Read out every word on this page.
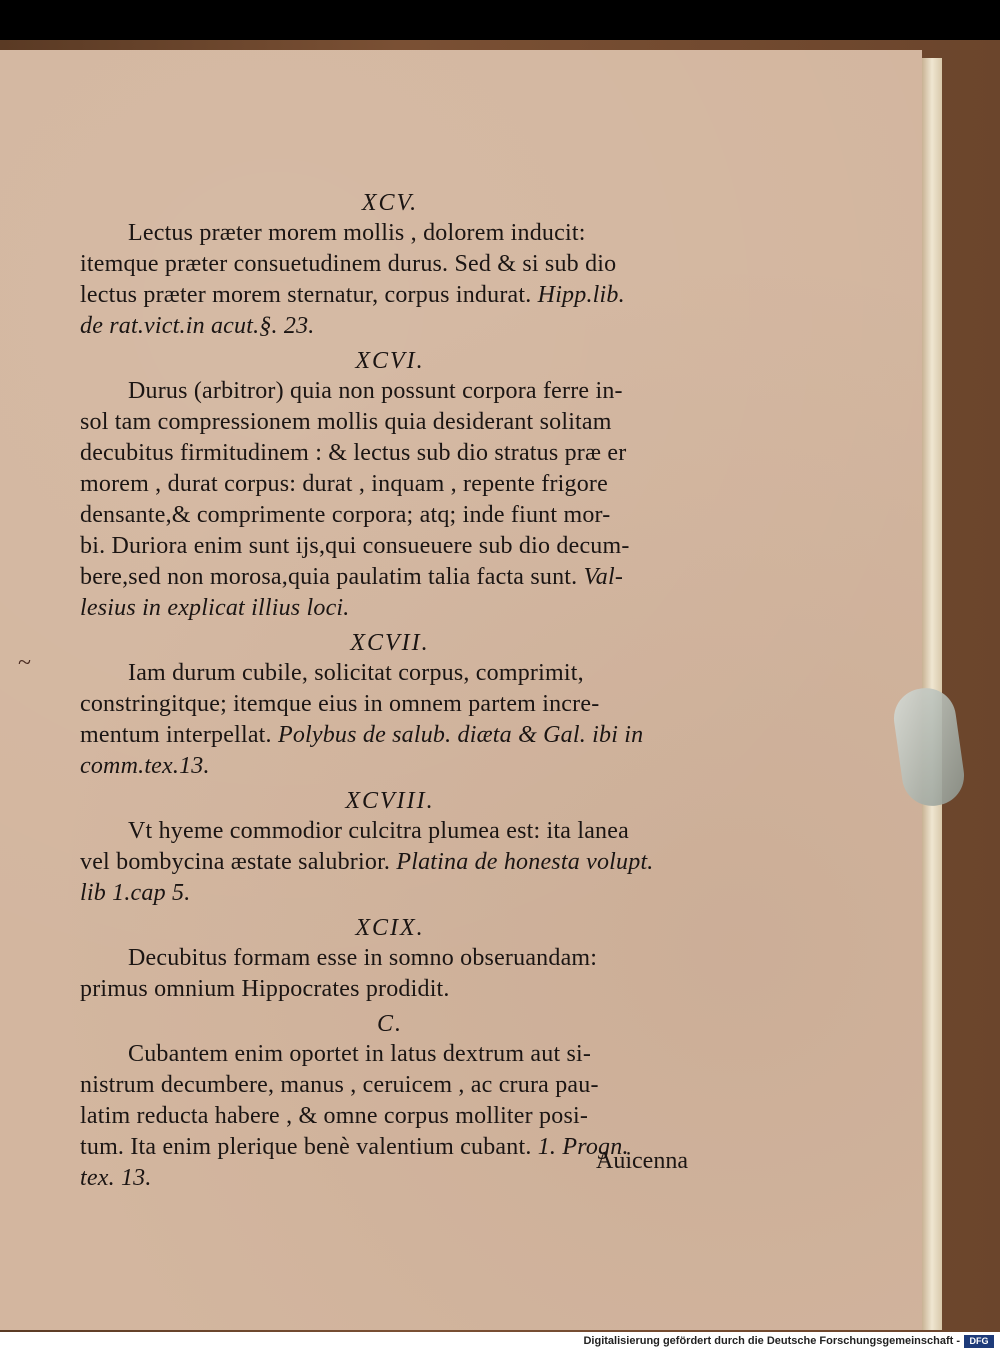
~
XCV.

Lectus præter morem mollis , dolorem inducit:
itemque præter consuetudinem durus. Sed & si sub dio
lectus præter morem sternatur, corpus indurat. Hipp.lib.
de rat.vict.in acut.§. 23.

XCVI.

Durus (arbitror) quia non possunt corpora ferre in-
sol tam compressionem mollis quia desiderant solitam
decubitus firmitudinem : & lectus sub dio stratus præ er
morem , durat corpus: durat , inquam , repente frigore
densante,& comprimente corpora; atq; inde fiunt mor-
bi. Duriora enim sunt ijs,qui consueuere sub dio decum-
bere,sed non morosa,quia paulatim talia facta sunt. Val-
lesius in explicat illius loci.

XCVII.

Iam durum cubile, solicitat corpus, comprimit,
constringitque; itemque eius in omnem partem incre-
mentum interpellat. Polybus de salub. diæta & Gal. ibi in
comm.tex.13.

XCVIII.

Vt hyeme commodior culcitra plumea est: ita lanea
vel bombycina æstate salubrior. Platina de honesta volupt.
lib 1.cap 5.

XCIX.

Decubitus formam esse in somno obseruandam:
primus omnium Hippocrates prodidit.

C.

Cubantem enim oportet in latus dextrum aut si-
nistrum decumbere, manus , ceruicem , ac crura pau-
latim reducta habere , & omne corpus molliter posi-
tum. Ita enim plerique benè valentium cubant. 1. Progn.
tex. 13.

Auicenna
Digitalisierung gefördert durch die Deutsche Forschungsgemeinschaft -	DFG
